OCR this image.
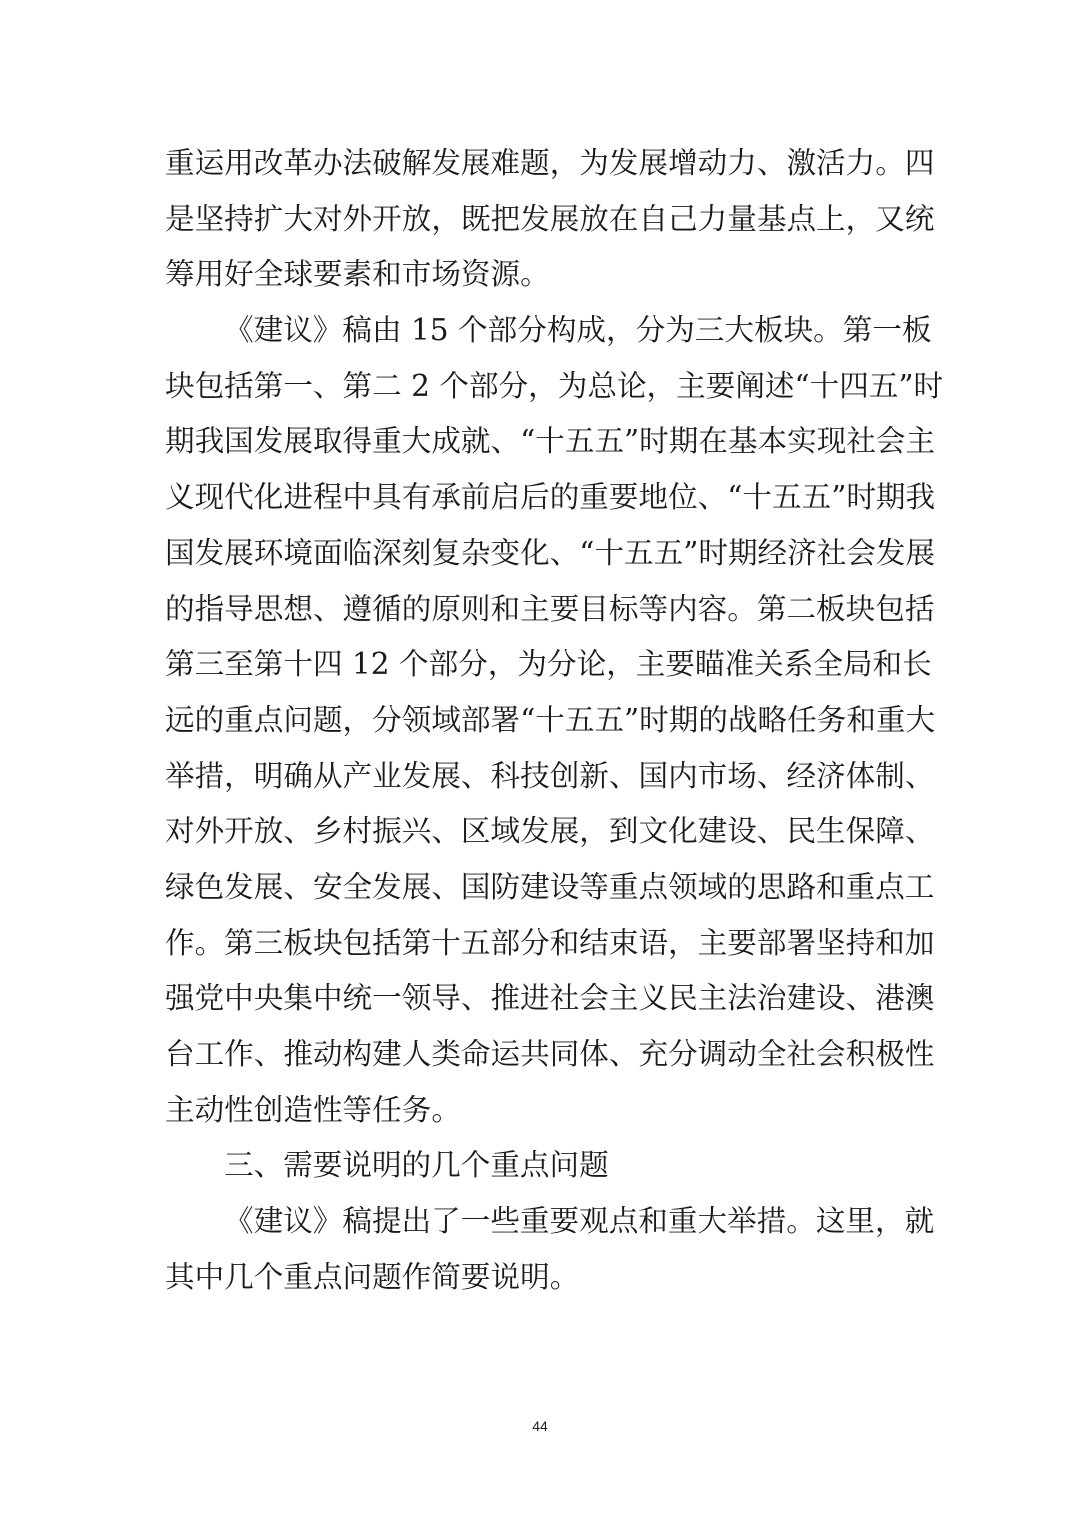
重运用改革办法破解发展难题，为发展增动力、激活力。四
是坚持扩大对外开放，既把发展放在自己力量基点上，又统
筹用好全球要素和市场资源。
《建议》稿由 15 个部分构成，分为三大板块。第一板
块包括第一、第二 2 个部分，为总论，主要阐述“十四五”时
期我国发展取得重大成就、“十五五”时期在基本实现社会主
义现代化进程中具有承前启后的重要地位、“十五五”时期我
国发展环境面临深刻复杂变化、“十五五”时期经济社会发展
的指导思想、遵循的原则和主要目标等内容。第二板块包括
第三至第十四 12 个部分，为分论，主要瞄准关系全局和长
远的重点问题，分领域部署“十五五”时期的战略任务和重大
举措，明确从产业发展、科技创新、国内市场、经济体制、
对外开放、乡村振兴、区域发展，到文化建设、民生保障、
绿色发展、安全发展、国防建设等重点领域的思路和重点工
作。第三板块包括第十五部分和结束语，主要部署坚持和加
强党中央集中统一领导、推进社会主义民主法治建设、港澳
台工作、推动构建人类命运共同体、充分调动全社会积极性
主动性创造性等任务。
三、需要说明的几个重点问题
《建议》稿提出了一些重要观点和重大举措。这里，就
其中几个重点问题作简要说明。
44
